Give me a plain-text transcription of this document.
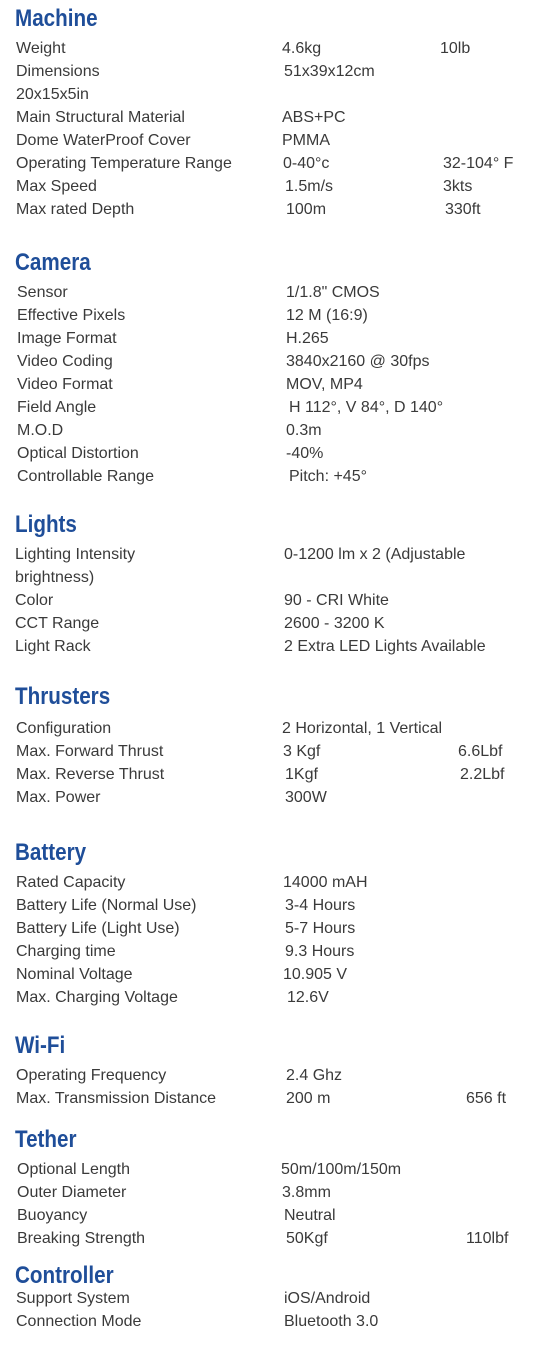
Machine
Weight	4.6kg	10lb
Dimensions	51x39x12cm
20x15x5in
Main Structural Material	ABS+PC
Dome WaterProof Cover	PMMA
Operating Temperature Range	0-40°c	32-104° F
Max Speed	1.5m/s	3kts
Max rated Depth	100m	330ft
Camera
Sensor	1/1.8" CMOS
Effective Pixels	12 M (16:9)
Image Format	H.265
Video Coding	3840x2160 @ 30fps
Video Format	MOV, MP4
Field Angle	H 112°, V 84°, D 140°
M.O.D	0.3m
Optical Distortion	-40%
Controllable Range	Pitch: +45°
Lights
Lighting Intensity	0-1200 lm x 2 (Adjustable
brightness)
Color	90 - CRI White
CCT Range	2600 - 3200 K
Light Rack	2 Extra LED Lights Available
Thrusters
Configuration	2 Horizontal, 1 Vertical
Max. Forward Thrust	3 Kgf	6.6Lbf
Max. Reverse Thrust	1Kgf	2.2Lbf
Max. Power	300W
Battery
Rated Capacity	14000 mAH
Battery Life (Normal Use)	3-4 Hours
Battery Life (Light Use)	5-7 Hours
Charging time	9.3 Hours
Nominal Voltage	10.905 V
Max. Charging Voltage	12.6V
Wi-Fi
Operating Frequency	2.4 Ghz
Max. Transmission Distance	200 m	656 ft
Tether
Optional Length	50m/100m/150m
Outer Diameter	3.8mm
Buoyancy	Neutral
Breaking Strength	50Kgf	110lbf
Controller
Support System	iOS/Android
Connection Mode	Bluetooth 3.0
